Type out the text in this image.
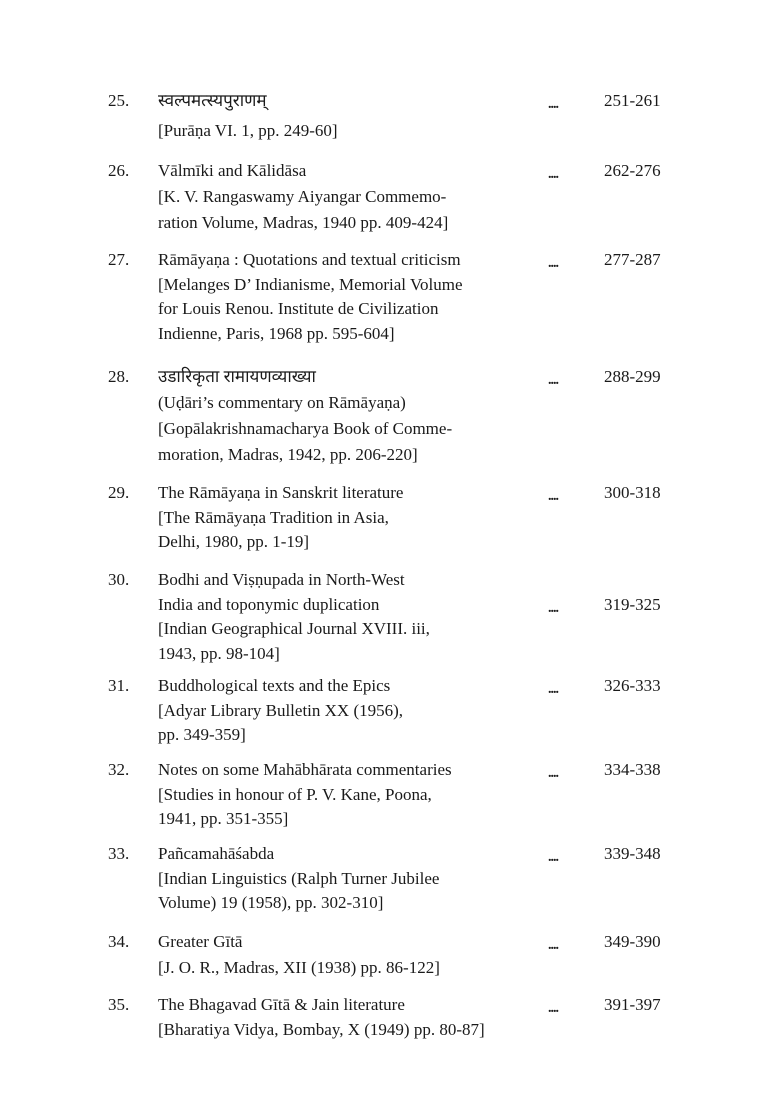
25. स्वल्पमत्स्यपुराणम्
[Purāṇa VI. 1, pp. 249-60]
....	251-261
26. Vālmīki and Kālidāsa
[K. V. Rangaswamy Aiyangar Commemo-
ration Volume, Madras, 1940 pp. 409-424]
....	262-276
27. Rāmāyaṇa : Quotations and textual criticism
[Melanges D’ Indianisme, Memorial Volume
for Louis Renou. Institute de Civilization
Indienne, Paris, 1968 pp. 595-604]
....	277-287
28. उडारिकृता रामायणव्याख्या
(Uḍāri’s commentary on Rāmāyaṇa)
[Gopālakrishnamacharya Book of Comme-
moration, Madras, 1942, pp. 206-220]
....	288-299
29. The Rāmāyaṇa in Sanskrit literature
[The Rāmāyaṇa Tradition in Asia,
Delhi, 1980, pp. 1-19]
....	300-318
30. Bodhi and Viṣṇupada in North-West
India and toponymic duplication
[Indian Geographical Journal XVIII. iii,
1943, pp. 98-104]
....	319-325
31. Buddhological texts and the Epics
[Adyar Library Bulletin XX (1956),
pp. 349-359]
....	326-333
32. Notes on some Mahābhārata commentaries
[Studies in honour of P. V. Kane, Poona,
1941, pp. 351-355]
....	334-338
33. Pañcamahāśabda
[Indian Linguistics (Ralph Turner Jubilee
Volume) 19 (1958), pp. 302-310]
....	339-348
34. Greater Gītā
[J. O. R., Madras, XII (1938) pp. 86-122]
....	349-390
35. The Bhagavad Gītā & Jain literature
[Bharatiya Vidya, Bombay, X (1949) pp. 80-87]
....	391-397
